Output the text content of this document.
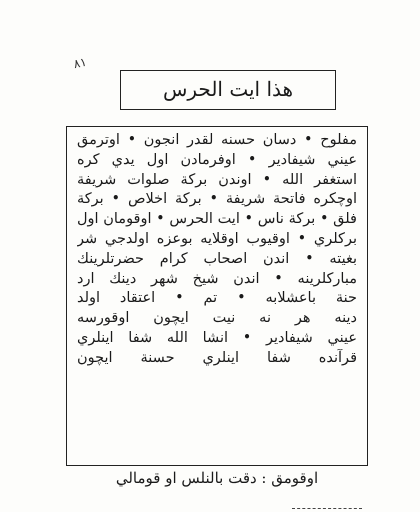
٨١
هذا ايت الحرس
مفلوح • دسان حسنه لقدر انجون • اوترمق
عيني شيفادير • اوفرمادن اول يدي كره
استغفر الله • اوندن بركة صلوات شريفة
اوچكره فاتحة شريفة • بركة اخلاص • بركة
فلق • بركة ناس • ايت الحرس • اوقومان اول
بركلري • اوقيوب اوقلايه بوعزه اولدجي شر
بغيته • اندن اصحاب كرام حضرتلرينك
مباركلرينه • اندن شيخ شهر دينك ارد
حنة باعشلابه • تم • اعتقاد اولد
دينه هر نه نيت ايچون اوقورسه
عيني شيفادير • انشا الله شفا اينلري
قرآنده شفا اينلري حسنة ايچون
اوقومق : دقت بالنلس او قومالي
